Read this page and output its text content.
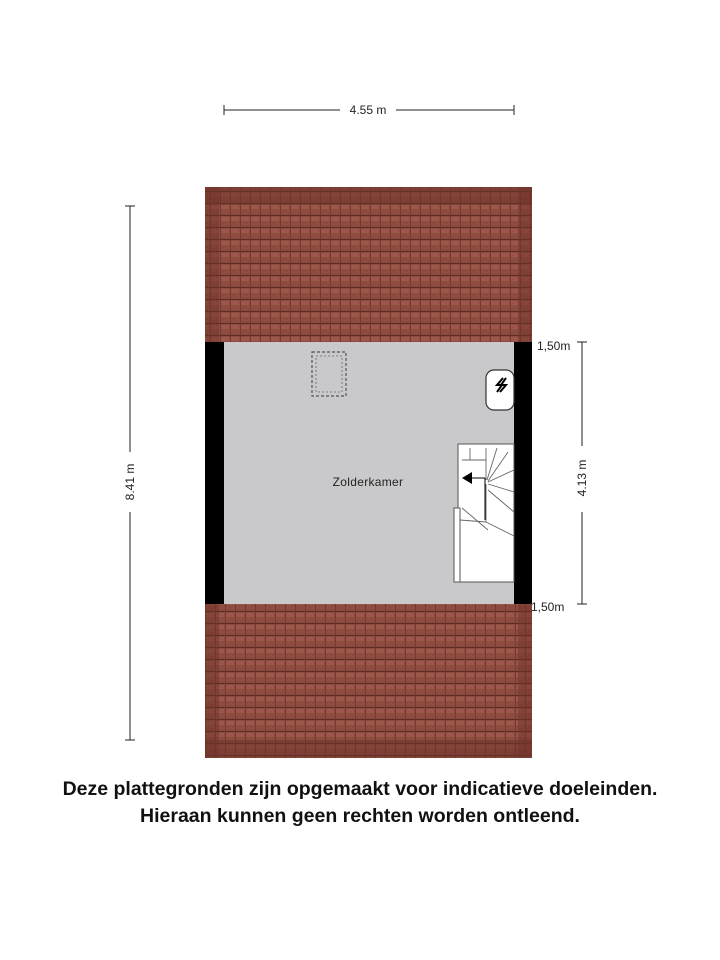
4.55 m
8.41 m	4.13 m
Zolderkamer
1,50m
1,50m
Deze plattegronden zijn opgemaakt voor indicatieve doeleinden.
Hieraan kunnen geen rechten worden ontleend.
